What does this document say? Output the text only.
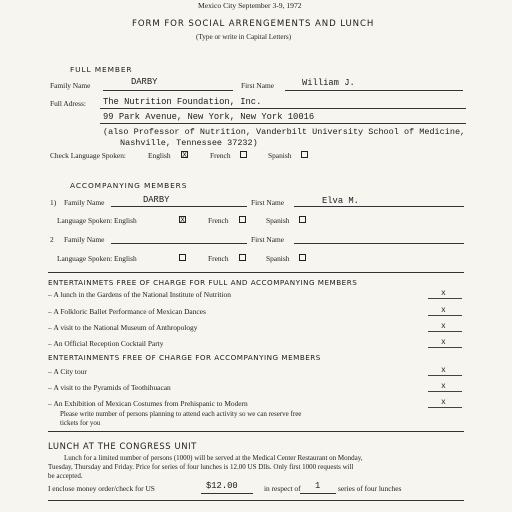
Mexico City September 3-9, 1972
FORM FOR SOCIAL ARRENGEMENTS AND LUNCH
(Type or write in Capital Letters)
FULL MEMBER
Family Name	DARBY	First Name	William J.
Full Adress: The Nutrition Foundation, Inc.
99 Park Avenue, New York, New York 10016
(also Professor of Nutrition, Vanderbilt University School of Medicine,
Nashville, Tennessee 37232)
Check Language Spoken:	English X	French	Spanish
ACCOMPANYING MEMBERS
1) Family Name	DARBY	First Name	Elva M.
Language Spoken: English	X	French	Spanish
2 Family Name	First Name
Language Spoken: English	French	Spanish
ENTERTAINMETS FREE OF CHARGE FOR FULL AND ACCOMPANYING MEMBERS
– A lunch in the Gardens of the National Institute of Nutrition	x
– A Folkloric Ballet Performance of Mexican Dances	x
– A visit to the National Museum of Anthropology	x
– An Official Reception Cocktail Party	x
ENTERTAINMENTS FREE OF CHARGE FOR ACCOMPANYING MEMBERS
– A City tour	x
– A visit to the Pyramids of Teothihuacan	x
– An Exhibition of Mexican Costumes from Prehispanic to Modern	x
Please write number of persons planning to attend each activity so we can reserve free
tickets for you
LUNCH AT THE CONGRESS UNIT
Lunch for a limited number of persons (1000) will be served at the Medical Center Restaurant on Monday,
Tuesday, Thursday and Friday. Price for series of four lunches is 12.00 US Dlls. Only first 1000 requests will
be accepted.
I enclose money order/check for US	$12.00	in respect of 1 series of four lunches
